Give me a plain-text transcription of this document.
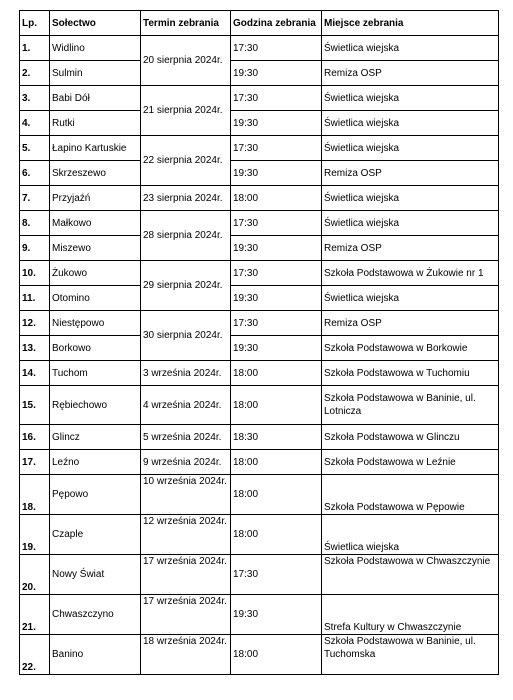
Lp.	Sołectwo	Termin zebrania	Godzina zebrania	Miejsce zebrania
1.	Widlino	20 sierpnia 2024r.	17:30	Świetlica wiejska
2.	Sulmin		19:30	Remiza OSP
3.	Babi Dół	21 sierpnia 2024r.	17:30	Świetlica wiejska
4.	Rutki		19:30	Świetlica wiejska
5.	Łapino Kartuskie	22 sierpnia 2024r.	17:30	Świetlica wiejska
6.	Skrzeszewo		19:30	Remiza OSP
7.	Przyjaźń	23 sierpnia 2024r.	18:00	Świetlica wiejska
8.	Małkowo	28 sierpnia 2024r.	17:30	Świetlica wiejska
9.	Miszewo		19:30	Remiza OSP
10.	Żukowo	29 sierpnia 2024r.	17:30	Szkoła Podstawowa w Żukowie nr 1
11.	Otomino		19:30	Świetlica wiejska
12.	Niestępowo	30 sierpnia 2024r.	17:30	Remiza OSP
13.	Borkowo		19:30	Szkoła Podstawowa w Borkowie
14.	Tuchom	3 września 2024r.	18:00	Szkoła Podstawowa w Tuchomiu
15.	Rębiechowo	4 września 2024r.	18:00	Szkoła Podstawowa w Baninie, ul. Lotnicza
16.	Glincz	5 września 2024r.	18:30	Szkoła Podstawowa w Glinczu
17.	Leźno	9 września 2024r.	18:00	Szkoła Podstawowa w Leźnie
18.	Pępowo	10 września 2024r.	18:00	Szkoła Podstawowa w Pępowie
19.	Czaple	12 września 2024r.	18:00	Świetlica wiejska
20.	Nowy Świat	17 września 2024r.	17:30	Szkoła Podstawowa w Chwaszczynie
21.	Chwaszczyno	17 września 2024r.	19:30	Strefa Kultury w Chwaszczynie
22.	Banino	18 września 2024r.	18:00	Szkoła Podstawowa w Baninie, ul. Tuchomska
